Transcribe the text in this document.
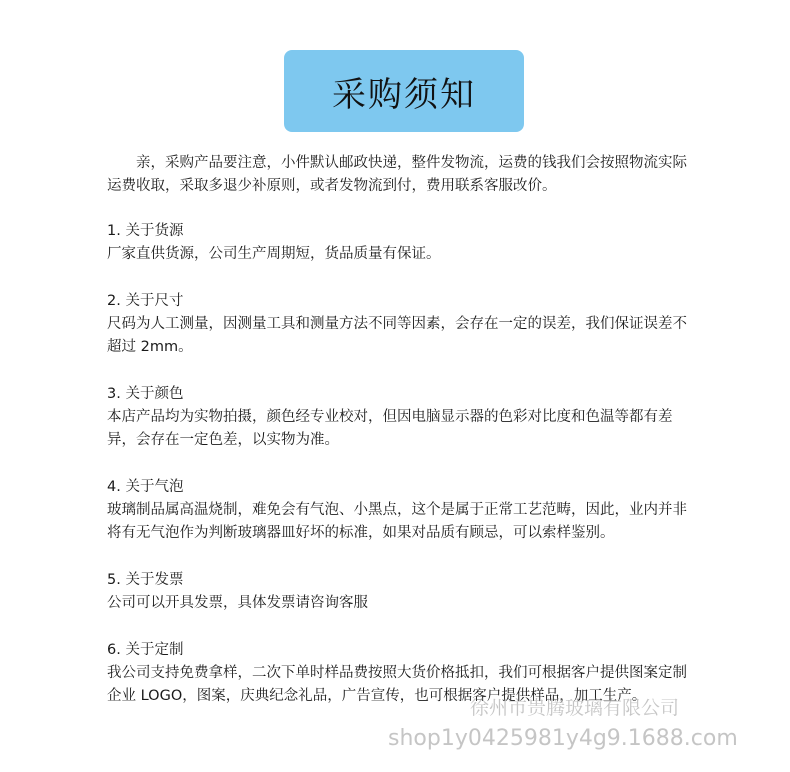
采购须知

亲，采购产品要注意，小件默认邮政快递，整件发物流，运费的钱我们会按照物流实际运费收取，采取多退少补原则，或者发物流到付，费用联系客服改价。

1. 关于货源

厂家直供货源，公司生产周期短，货品质量有保证。

2. 关于尺寸

尺码为人工测量，因测量工具和测量方法不同等因素，会存在一定的误差，我们保证误差不超过 2mm。

3. 关于颜色

本店产品均为实物拍摄，颜色经专业校对，但因电脑显示器的色彩对比度和色温等都有差异，会存在一定色差，以实物为准。

4. 关于气泡

玻璃制品属高温烧制，难免会有气泡、小黑点，这个是属于正常工艺范畴，因此，业内并非将有无气泡作为判断玻璃器皿好坏的标准，如果对品质有顾忌，可以索样鉴别。

5. 关于发票

公司可以开具发票，具体发票请咨询客服

6. 关于定制

我公司支持免费拿样，二次下单时样品费按照大货价格抵扣，我们可根据客户提供图案定制企业 LOGO，图案，庆典纪念礼品，广告宣传，也可根据客户提供样品，加工生产。

徐州市贵腾玻璃有限公司
shop1y0425981y4g9.1688.com
